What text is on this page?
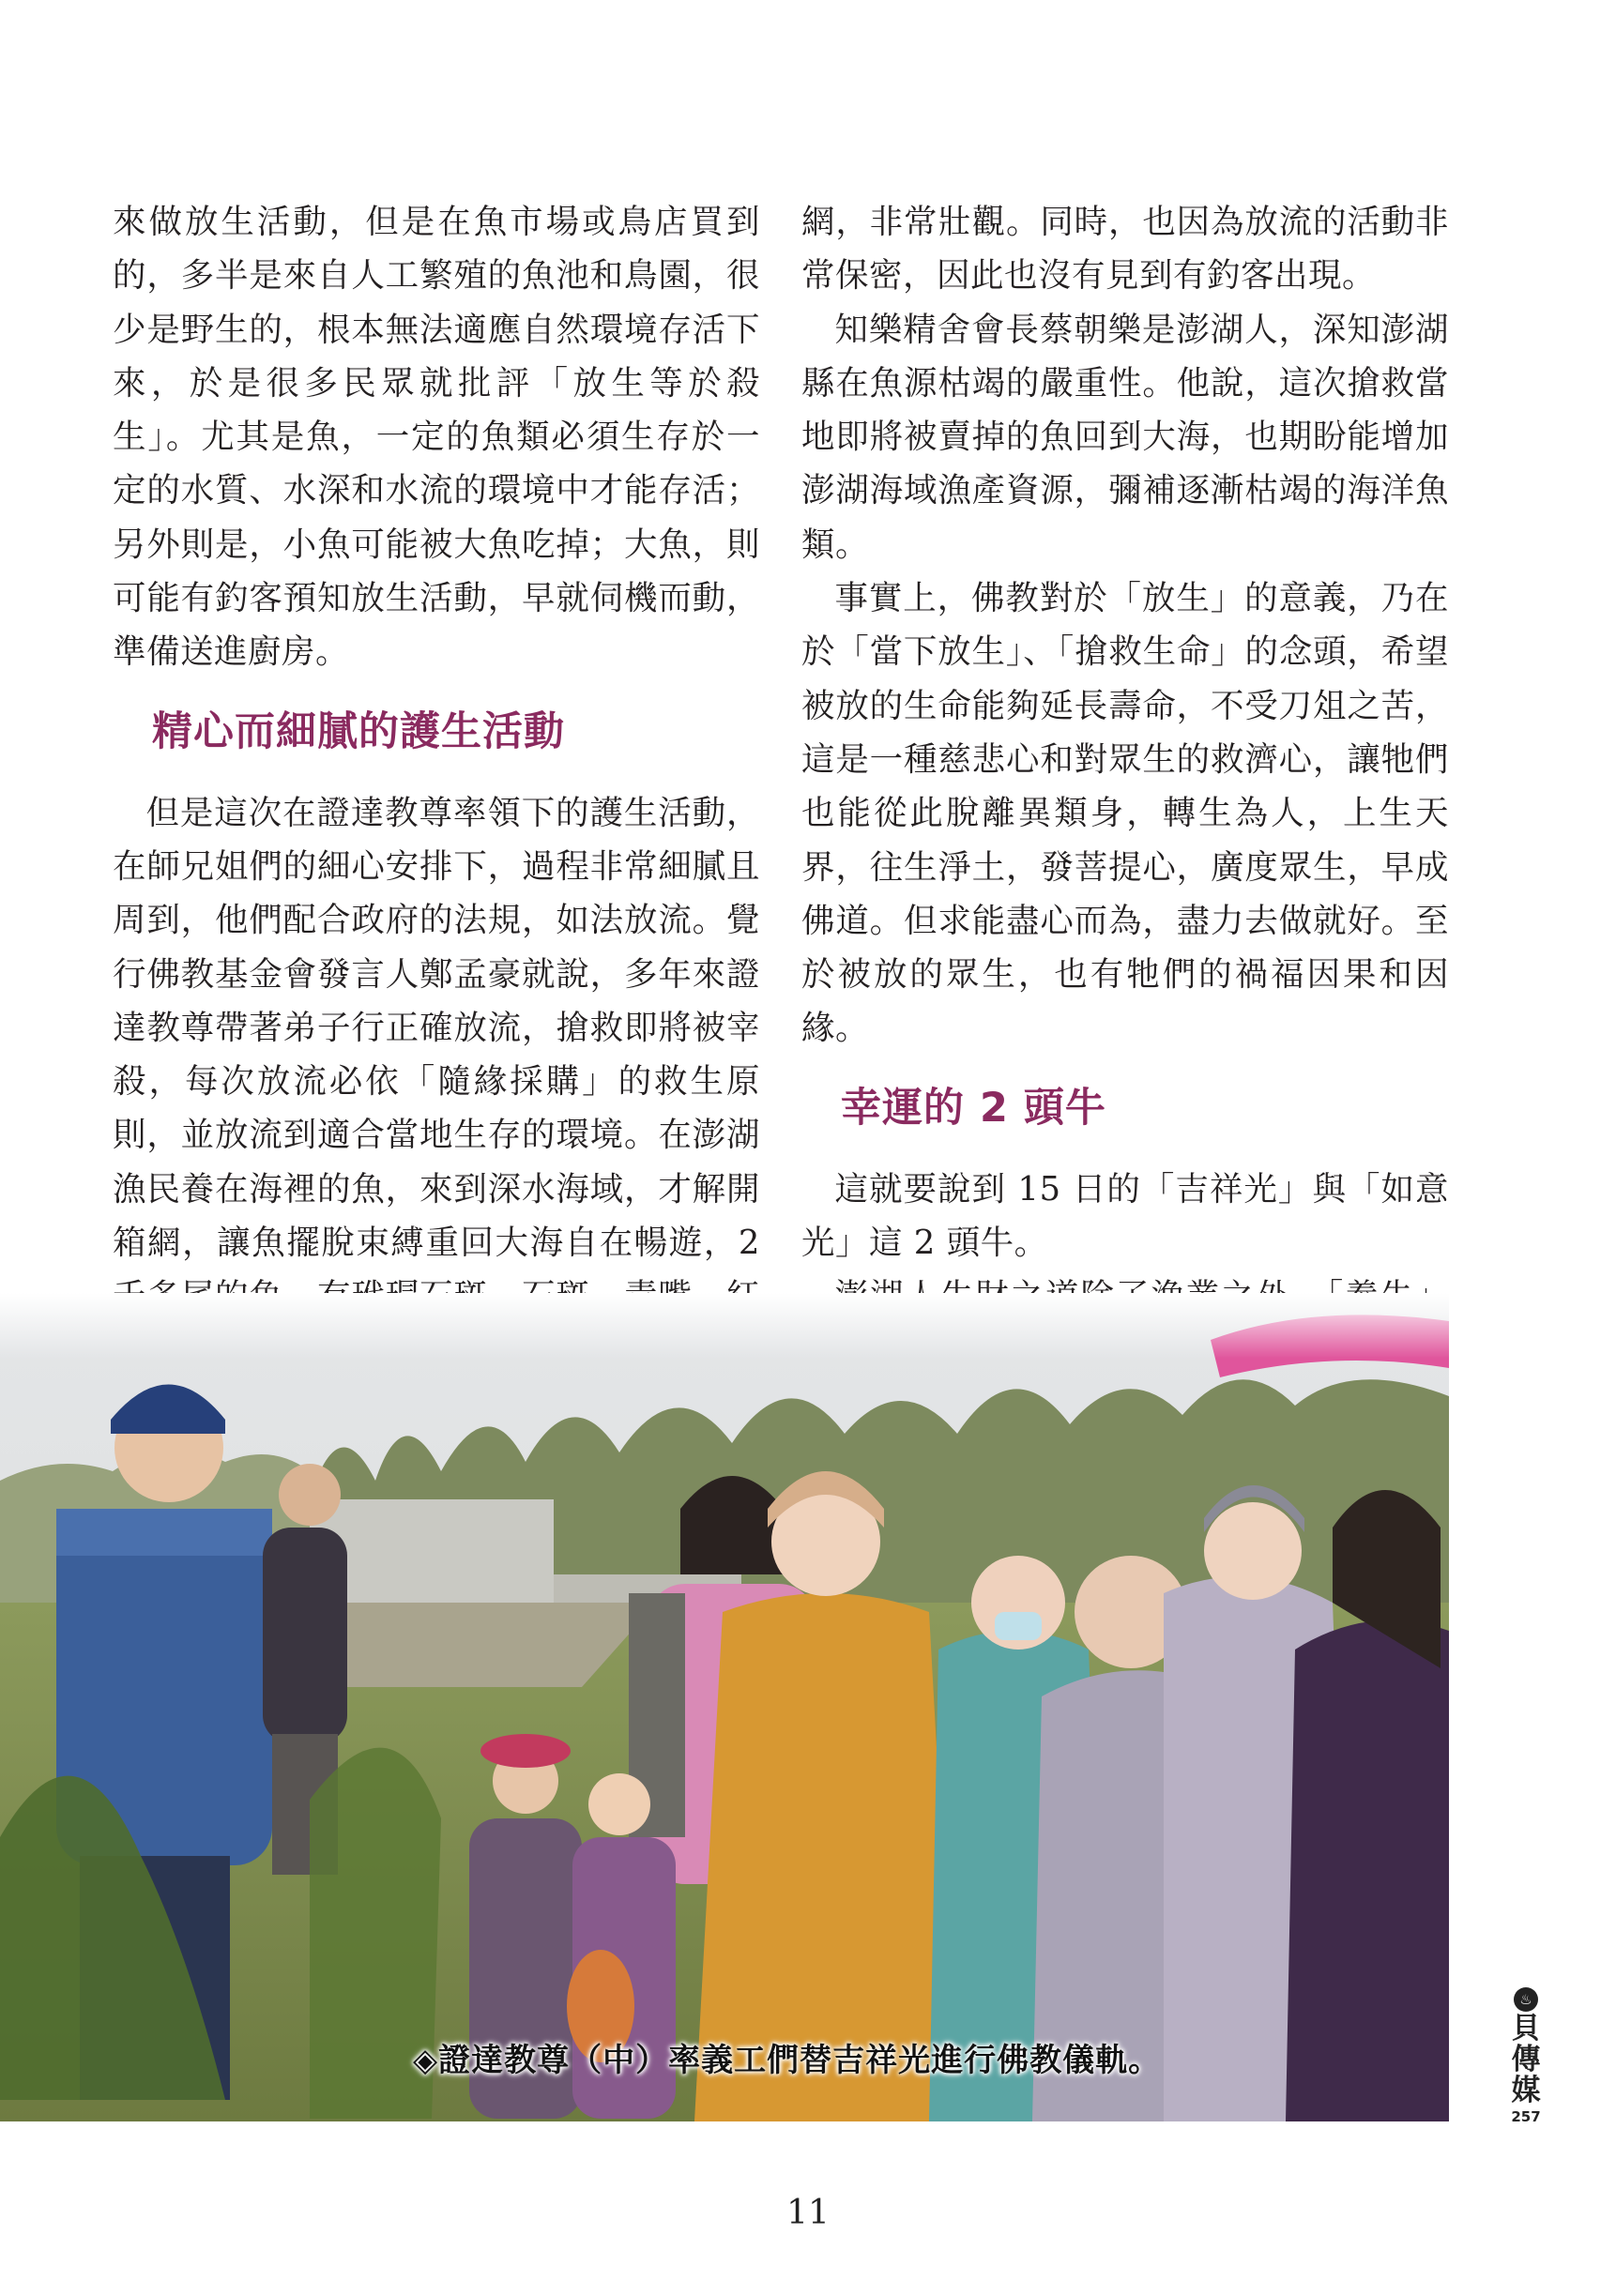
來做放生活動，但是在魚市場或鳥店買到的，多半是來自人工繁殖的魚池和鳥園，很少是野生的，根本無法適應自然環境存活下來，於是很多民眾就批評「放生等於殺生」。尤其是魚，一定的魚類必須生存於一定的水質、水深和水流的環境中才能存活；另外則是，小魚可能被大魚吃掉；大魚，則可能有釣客預知放生活動，早就伺機而動，準備送進廚房。

精心而細膩的護生活動

但是這次在證達教尊率領下的護生活動，在師兄姐們的細心安排下，過程非常細膩且周到，他們配合政府的法規，如法放流。覺行佛教基金會發言人鄭孟豪就說，多年來證達教尊帶著弟子行正確放流，搶救即將被宰殺，每次放流必依「隨緣採購」的救生原則，並放流到適合當地生存的環境。在澎湖漁民養在海裡的魚，來到深水海域，才解開箱網，讓魚擺脫束縛重回大海自在暢遊，2

網，非常壯觀。同時，也因為放流的活動非常保密，因此也沒有見到有釣客出現。

知樂精舍會長蔡朝樂是澎湖人，深知澎湖縣在魚源枯竭的嚴重性。他說，這次搶救當地即將被賣掉的魚回到大海，也期盼能增加澎湖海域漁產資源，彌補逐漸枯竭的海洋魚類。

事實上，佛教對於「放生」的意義，乃在於「當下放生」、「搶救生命」的念頭，希望被放的生命能夠延長壽命，不受刀俎之苦，這是一種慈悲心和對眾生的救濟心，讓牠們也能從此脫離異類身，轉生為人，上生天界，往生淨土，發菩提心，廣度眾生，早成佛道。但求能盡心而為，盡力去做就好。至於被放的眾生，也有牠們的禍福因果和因緣。

幸運的 2 頭牛

這就要說到 15 日的「吉祥光」與「如意光」這 2 頭牛。

◈證達教尊（中）率義工們替吉祥光進行佛教儀軌。
♨
貝
傳
媒
257
11
